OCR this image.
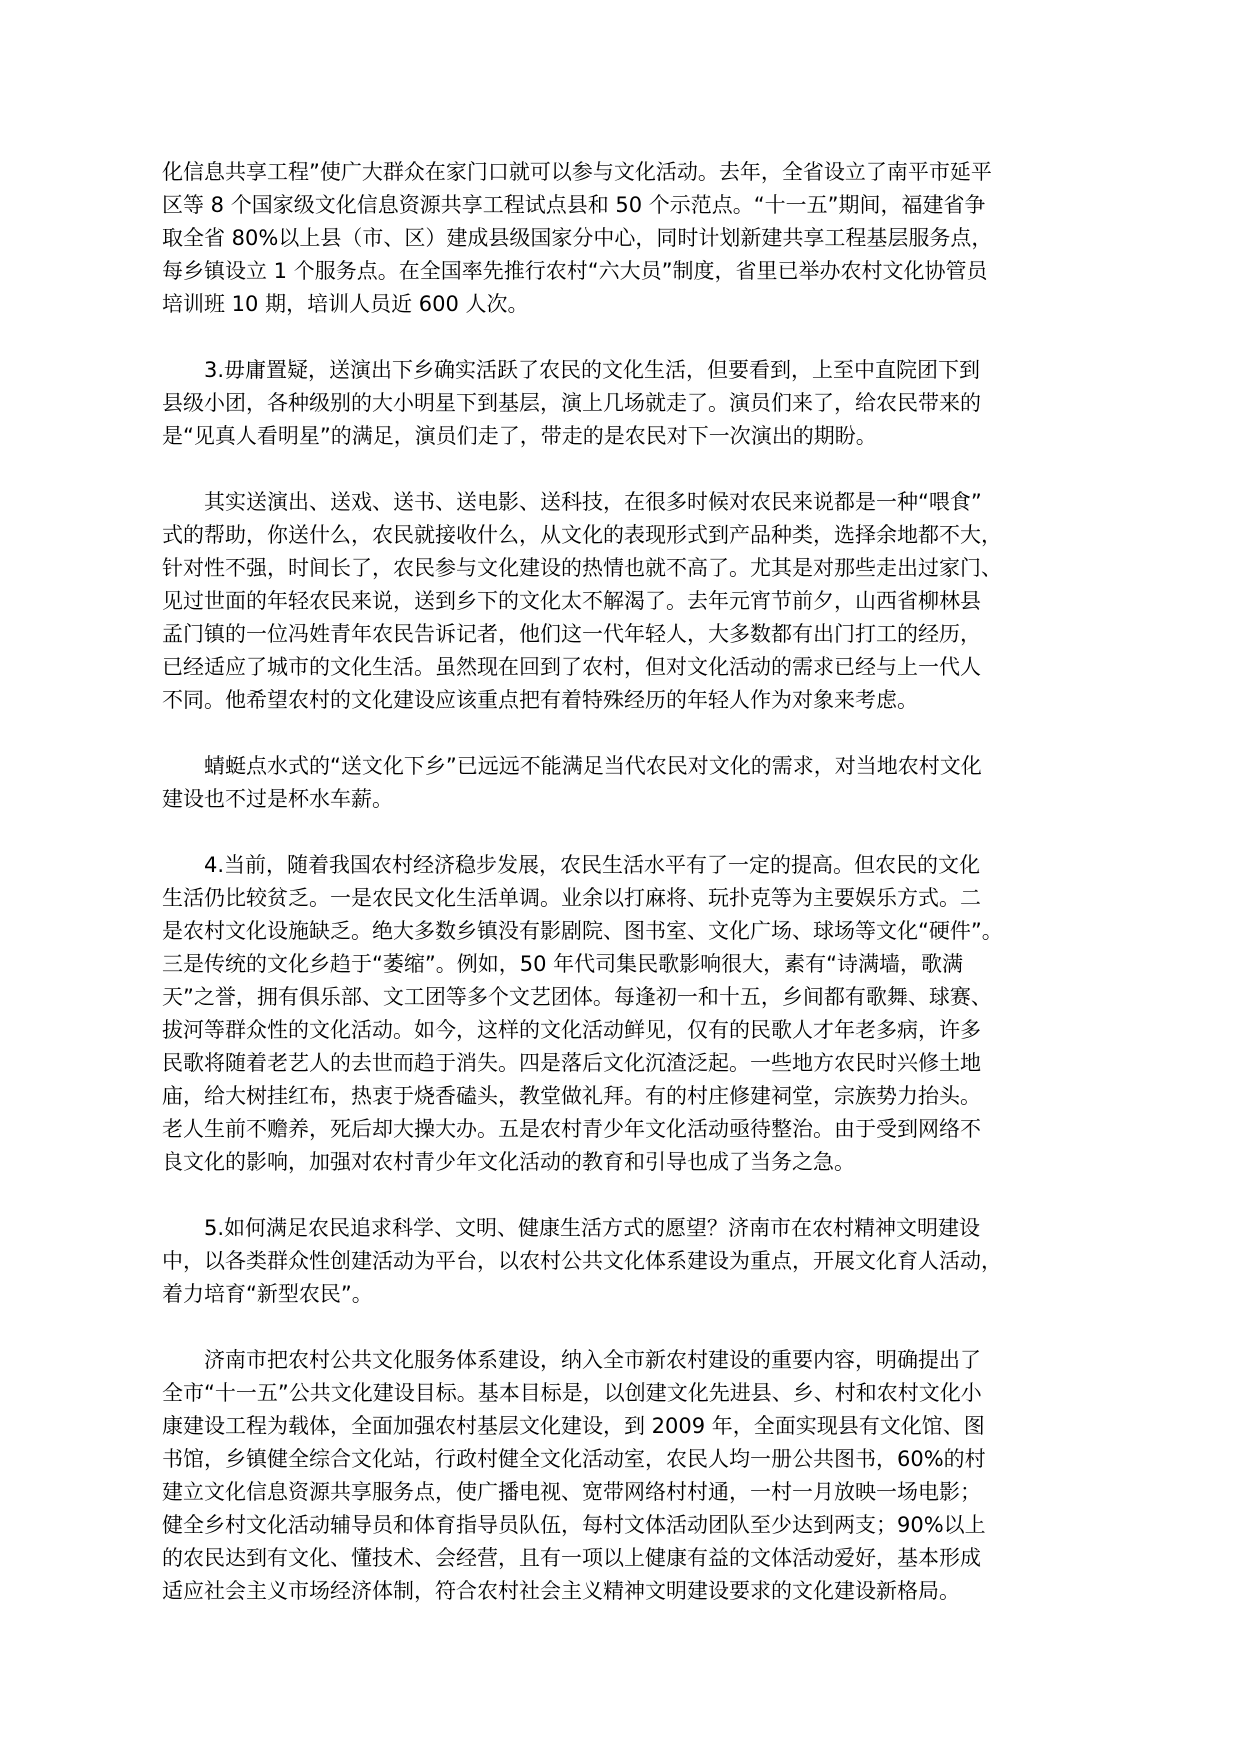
化信息共享工程”使广大群众在家门口就可以参与文化活动。去年，全省设立了南平市延平
区等 8 个国家级文化信息资源共享工程试点县和 50 个示范点。“十一五”期间，福建省争
取全省 80%以上县（市、区）建成县级国家分中心，同时计划新建共享工程基层服务点，
每乡镇设立 1 个服务点。在全国率先推行农村“六大员”制度，省里已举办农村文化协管员
培训班 10 期，培训人员近 600 人次。
3.毋庸置疑，送演出下乡确实活跃了农民的文化生活，但要看到，上至中直院团下到
县级小团，各种级别的大小明星下到基层，演上几场就走了。演员们来了，给农民带来的
是“见真人看明星”的满足，演员们走了，带走的是农民对下一次演出的期盼。
其实送演出、送戏、送书、送电影、送科技，在很多时候对农民来说都是一种“喂食”
式的帮助，你送什么，农民就接收什么，从文化的表现形式到产品种类，选择余地都不大，
针对性不强，时间长了，农民参与文化建设的热情也就不高了。尤其是对那些走出过家门、
见过世面的年轻农民来说，送到乡下的文化太不解渴了。去年元宵节前夕，山西省柳林县
孟门镇的一位冯姓青年农民告诉记者，他们这一代年轻人，大多数都有出门打工的经历，
已经适应了城市的文化生活。虽然现在回到了农村，但对文化活动的需求已经与上一代人
不同。他希望农村的文化建设应该重点把有着特殊经历的年轻人作为对象来考虑。
蜻蜓点水式的“送文化下乡”已远远不能满足当代农民对文化的需求，对当地农村文化
建设也不过是杯水车薪。
4.当前，随着我国农村经济稳步发展，农民生活水平有了一定的提高。但农民的文化
生活仍比较贫乏。一是农民文化生活单调。业余以打麻将、玩扑克等为主要娱乐方式。二
是农村文化设施缺乏。绝大多数乡镇没有影剧院、图书室、文化广场、球场等文化“硬件”。
三是传统的文化乡趋于“萎缩”。例如，50 年代司集民歌影响很大，素有“诗满墙，歌满
天”之誉，拥有俱乐部、文工团等多个文艺团体。每逢初一和十五，乡间都有歌舞、球赛、
拔河等群众性的文化活动。如今，这样的文化活动鲜见，仅有的民歌人才年老多病，许多
民歌将随着老艺人的去世而趋于消失。四是落后文化沉渣泛起。一些地方农民时兴修土地
庙，给大树挂红布，热衷于烧香磕头，教堂做礼拜。有的村庄修建祠堂，宗族势力抬头。
老人生前不赡养，死后却大操大办。五是农村青少年文化活动亟待整治。由于受到网络不
良文化的影响，加强对农村青少年文化活动的教育和引导也成了当务之急。
5.如何满足农民追求科学、文明、健康生活方式的愿望？济南市在农村精神文明建设
中，以各类群众性创建活动为平台，以农村公共文化体系建设为重点，开展文化育人活动，
着力培育“新型农民”。
济南市把农村公共文化服务体系建设，纳入全市新农村建设的重要内容，明确提出了
全市“十一五”公共文化建设目标。基本目标是，以创建文化先进县、乡、村和农村文化小
康建设工程为载体，全面加强农村基层文化建设，到 2009 年，全面实现县有文化馆、图
书馆，乡镇健全综合文化站，行政村健全文化活动室，农民人均一册公共图书，60%的村
建立文化信息资源共享服务点，使广播电视、宽带网络村村通，一村一月放映一场电影；
健全乡村文化活动辅导员和体育指导员队伍，每村文体活动团队至少达到两支；90%以上
的农民达到有文化、懂技术、会经营，且有一项以上健康有益的文体活动爱好，基本形成
适应社会主义市场经济体制，符合农村社会主义精神文明建设要求的文化建设新格局。
